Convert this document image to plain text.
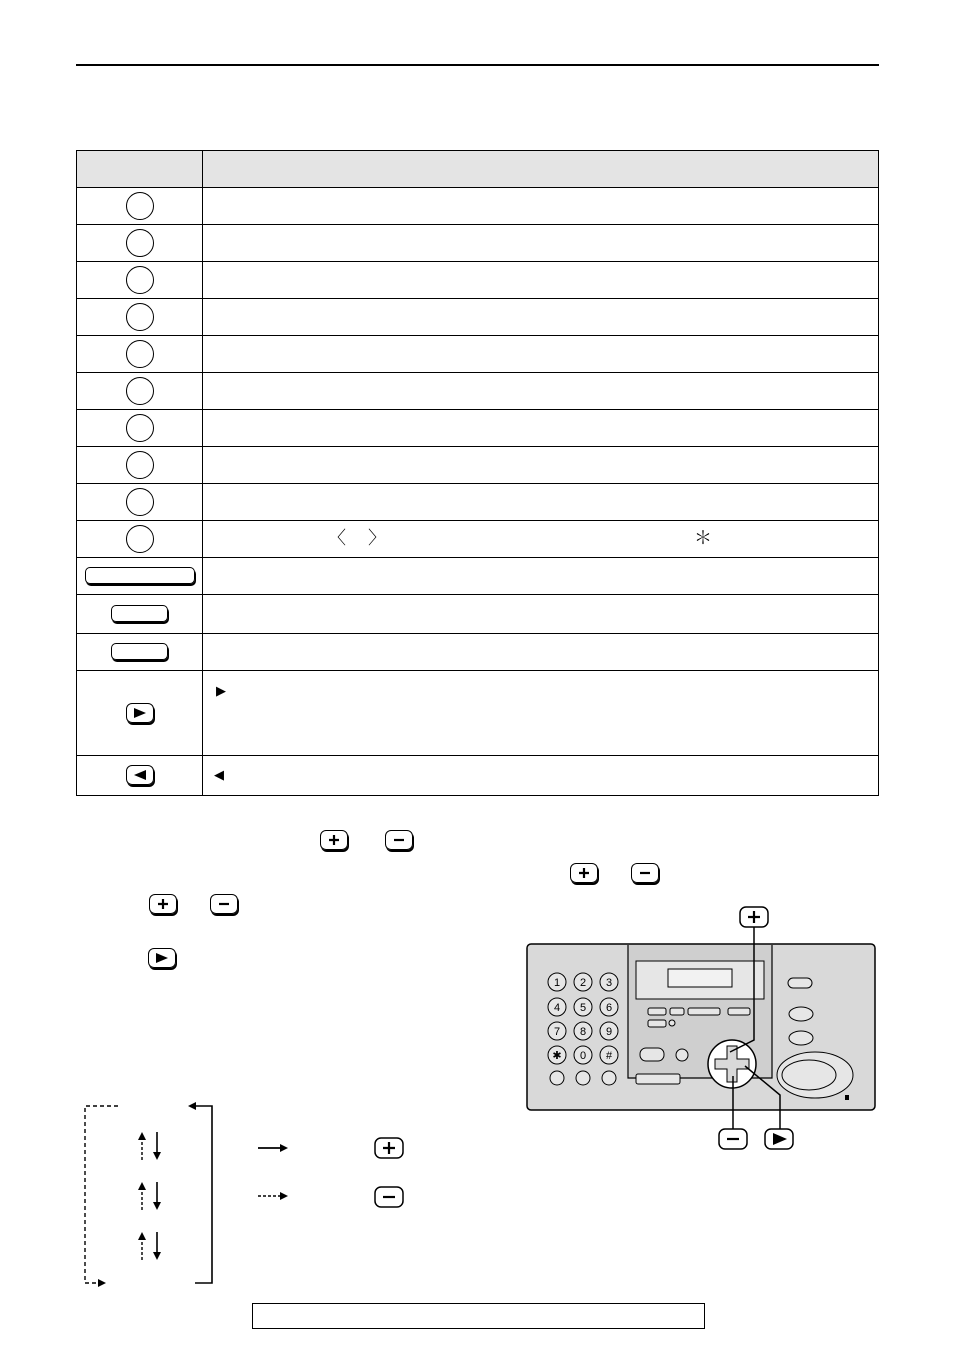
	〈 〉 ＊

▶

◀
1 2 3
4 5 6
7 8 9
✱ 0 #
